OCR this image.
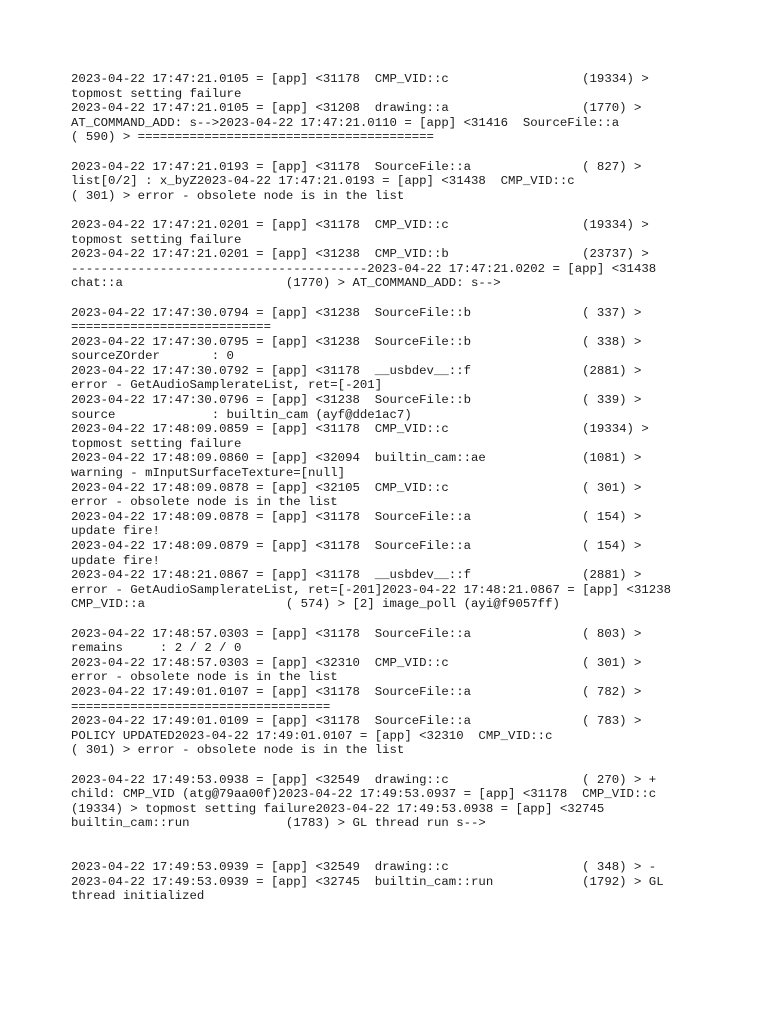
2023-04-22 17:47:21.0105 = [app] <31178  CMP_VID::c                  (19334) >
topmost setting failure
2023-04-22 17:47:21.0105 = [app] <31208  drawing::a                  (1770) >
AT_COMMAND_ADD: s-->2023-04-22 17:47:21.0110 = [app] <31416  SourceFile::a
( 590) > ========================================
2023-04-22 17:47:21.0193 = [app] <31178  SourceFile::a               ( 827) >
list[0/2] : x_byZ2023-04-22 17:47:21.0193 = [app] <31438  CMP_VID::c
( 301) > error - obsolete node is in the list
2023-04-22 17:47:21.0201 = [app] <31178  CMP_VID::c                  (19334) >
topmost setting failure
2023-04-22 17:47:21.0201 = [app] <31238  CMP_VID::b                  (23737) >
----------------------------------------2023-04-22 17:47:21.0202 = [app] <31438
chat::a                      (1770) > AT_COMMAND_ADD: s-->
2023-04-22 17:47:30.0794 = [app] <31238  SourceFile::b               ( 337) >
===========================
2023-04-22 17:47:30.0795 = [app] <31238  SourceFile::b               ( 338) >
sourceZOrder       : 0
2023-04-22 17:47:30.0792 = [app] <31178  __usbdev__::f               (2881) >
error - GetAudioSamplerateList, ret=[-201]
2023-04-22 17:47:30.0796 = [app] <31238  SourceFile::b               ( 339) >
source             : builtin_cam (ayf@dde1ac7)
2023-04-22 17:48:09.0859 = [app] <31178  CMP_VID::c                  (19334) >
topmost setting failure
2023-04-22 17:48:09.0860 = [app] <32094  builtin_cam::ae             (1081) >
warning - mInputSurfaceTexture=[null]
2023-04-22 17:48:09.0878 = [app] <32105  CMP_VID::c                  ( 301) >
error - obsolete node is in the list
2023-04-22 17:48:09.0878 = [app] <31178  SourceFile::a               ( 154) >
update fire!
2023-04-22 17:48:09.0879 = [app] <31178  SourceFile::a               ( 154) >
update fire!
2023-04-22 17:48:21.0867 = [app] <31178  __usbdev__::f               (2881) >
error - GetAudioSamplerateList, ret=[-201]2023-04-22 17:48:21.0867 = [app] <31238
CMP_VID::a                   ( 574) > [2] image_poll (ayi@f9057ff)
2023-04-22 17:48:57.0303 = [app] <31178  SourceFile::a               ( 803) >
remains     : 2 / 2 / 0
2023-04-22 17:48:57.0303 = [app] <32310  CMP_VID::c                  ( 301) >
error - obsolete node is in the list
2023-04-22 17:49:01.0107 = [app] <31178  SourceFile::a               ( 782) >
===================================
2023-04-22 17:49:01.0109 = [app] <31178  SourceFile::a               ( 783) >
POLICY UPDATED2023-04-22 17:49:01.0107 = [app] <32310  CMP_VID::c
( 301) > error - obsolete node is in the list
2023-04-22 17:49:53.0938 = [app] <32549  drawing::c                  ( 270) > +
child: CMP_VID (atg@79aa00f)2023-04-22 17:49:53.0937 = [app] <31178  CMP_VID::c
(19334) > topmost setting failure2023-04-22 17:49:53.0938 = [app] <32745
builtin_cam::run             (1783) > GL thread run s-->
2023-04-22 17:49:53.0939 = [app] <32549  drawing::c                  ( 348) > -
2023-04-22 17:49:53.0939 = [app] <32745  builtin_cam::run            (1792) > GL
thread initialized
